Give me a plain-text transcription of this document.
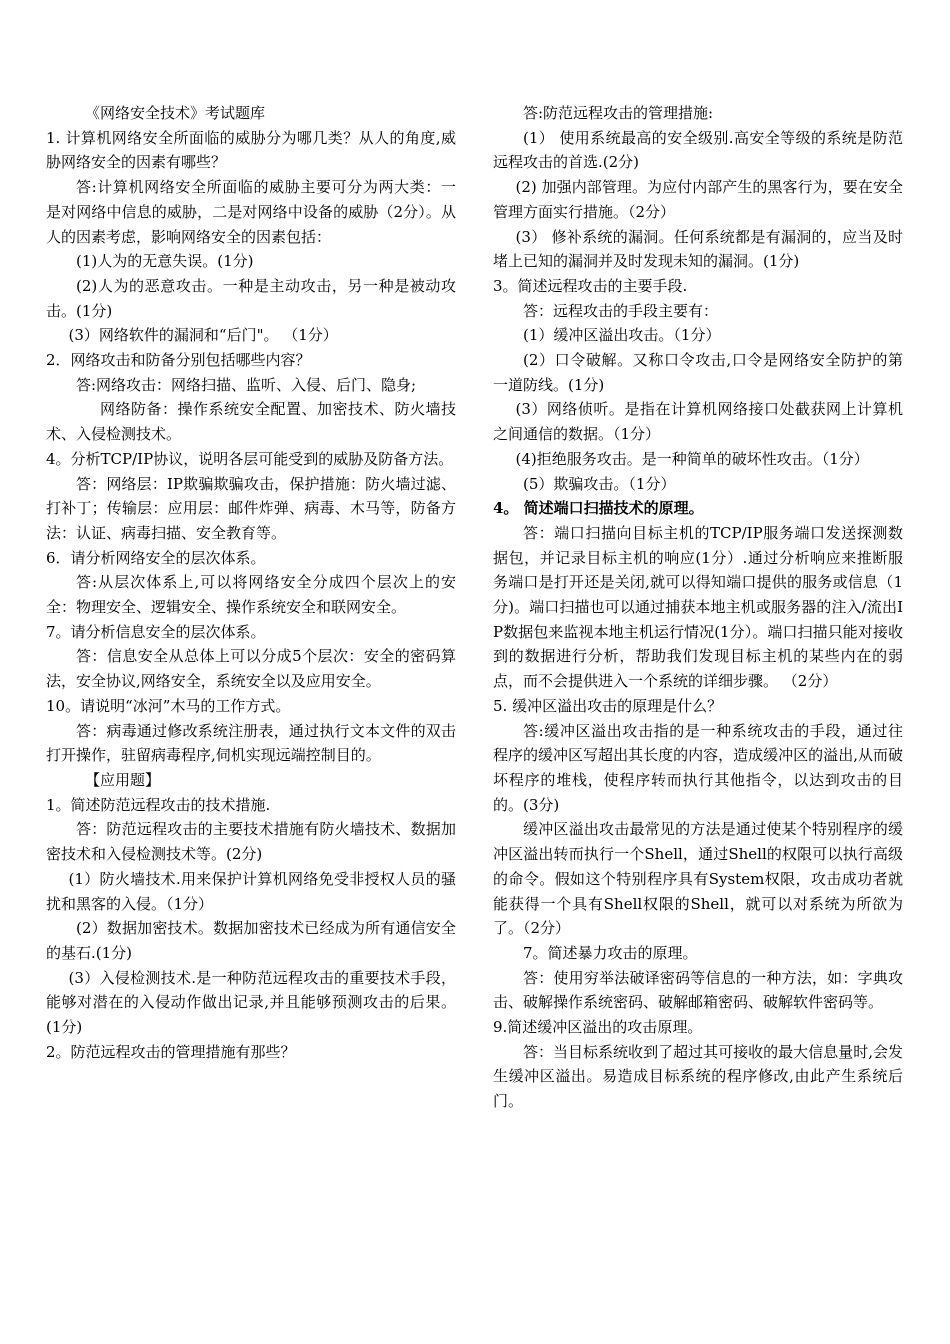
《网络安全技术》考试题库

1. 计算机网络安全所面临的威胁分为哪几类？从人的角度,威胁网络安全的因素有哪些？

答:计算机网络安全所面临的威胁主要可分为两大类：一是对网络中信息的威胁，二是对网络中设备的威胁（2分）。从人的因素考虑，影响网络安全的因素包括：

(1)人为的无意失误。(1分)

(2)人为的恶意攻击。一种是主动攻击，另一种是被动攻击。(1分)

(3）网络软件的漏洞和“后门"。 （1分）

2．网络攻击和防备分别包括哪些内容？

答:网络攻击：网络扫描、监听、入侵、后门、隐身;

网络防备：操作系统安全配置、加密技术、防火墙技术、入侵检测技术。

4。分析TCP/IP协议，说明各层可能受到的威胁及防备方法。

答：网络层：IP欺骗欺骗攻击，保护措施：防火墙过滤、打补丁；传输层：应用层：邮件炸弹、病毒、木马等，防备方法：认证、病毒扫描、安全教育等。

6．请分析网络安全的层次体系。

答:从层次体系上,可以将网络安全分成四个层次上的安全：物理安全、逻辑安全、操作系统安全和联网安全。

7。请分析信息安全的层次体系。

答：信息安全从总体上可以分成5个层次：安全的密码算法，安全协议,网络安全，系统安全以及应用安全。

10。请说明“冰河”木马的工作方式。

答：病毒通过修改系统注册表，通过执行文本文件的双击打开操作，驻留病毒程序,伺机实现远端控制目的。

【应用题】

1。简述防范远程攻击的技术措施.

答：防范远程攻击的主要技术措施有防火墙技术、数据加密技术和入侵检测技术等。(2分)

(1）防火墙技术.用来保护计算机网络免受非授权人员的骚扰和黑客的入侵。（1分）

(2）数据加密技术。数据加密技术已经成为所有通信安全的基石.(1分)

(3）入侵检测技术.是一种防范远程攻击的重要技术手段，能够对潜在的入侵动作做出记录,并且能够预测攻击的后果。(1分)

2。防范远程攻击的管理措施有那些？

答:防范远程攻击的管理措施:

(1） 使用系统最高的安全级别.高安全等级的系统是防范远程攻击的首选.(2分)

(2) 加强内部管理。为应付内部产生的黑客行为，要在安全管理方面实行措施。（2分）

(3） 修补系统的漏洞。任何系统都是有漏洞的，应当及时堵上已知的漏洞并及时发现未知的漏洞。(1分)

3。简述远程攻击的主要手段.

答：远程攻击的手段主要有：

(1）缓冲区溢出攻击。（1分）

(2）口令破解。又称口令攻击,口令是网络安全防护的第一道防线。(1分)

(3）网络侦听。是指在计算机网络接口处截获网上计算机之间通信的数据。（1分）

(4)拒绝服务攻击。是一种简单的破坏性攻击。（1分）

(5）欺骗攻击。（1分）

4。 简述端口扫描技术的原理。

答：端口扫描向目标主机的TCP/IP服务端口发送探测数据包，并记录目标主机的响应(1分）.通过分析响应来推断服务端口是打开还是关闭,就可以得知端口提供的服务或信息（1分)。端口扫描也可以通过捕获本地主机或服务器的注入/流出IP数据包来监视本地主机运行情况(1分）。端口扫描只能对接收到的数据进行分析，帮助我们发现目标主机的某些内在的弱点，而不会提供进入一个系统的详细步骤。 （2分）

5. 缓冲区溢出攻击的原理是什么？

答:缓冲区溢出攻击指的是一种系统攻击的手段，通过往程序的缓冲区写超出其长度的内容，造成缓冲区的溢出,从而破坏程序的堆栈，使程序转而执行其他指令，以达到攻击的目的。(3分)

缓冲区溢出攻击最常见的方法是通过使某个特别程序的缓冲区溢出转而执行一个Shell，通过Shell的权限可以执行高级的命令。假如这个特别程序具有System权限，攻击成功者就能获得一个具有Shell权限的Shell，就可以对系统为所欲为了。（2分）

7。简述暴力攻击的原理。

答：使用穷举法破译密码等信息的一种方法，如：字典攻击、破解操作系统密码、破解邮箱密码、破解软件密码等。

9.简述缓冲区溢出的攻击原理。

答：当目标系统收到了超过其可接收的最大信息量时,会发生缓冲区溢出。易造成目标系统的程序修改,由此产生系统后门。
